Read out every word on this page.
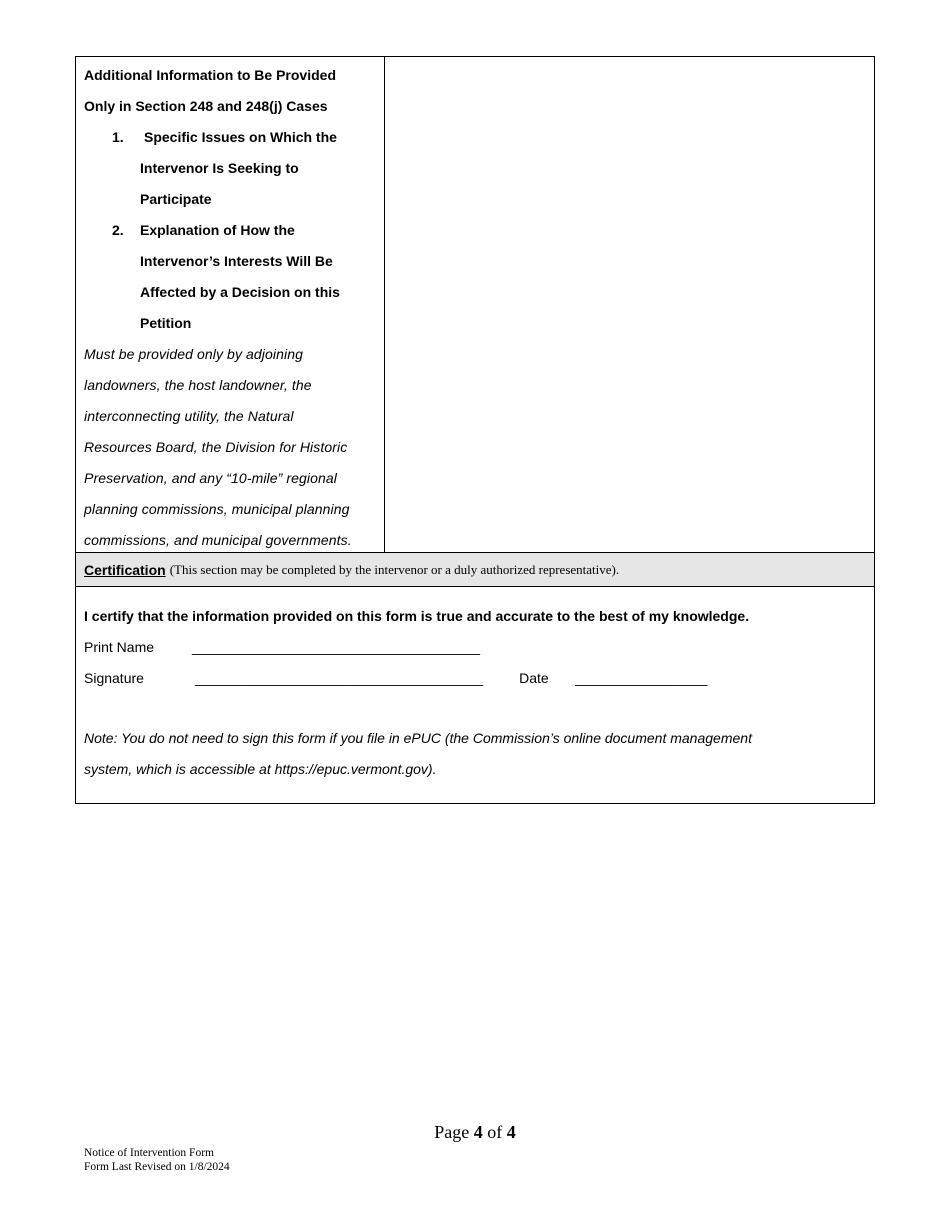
Additional Information to Be Provided
Only in Section 248 and 248(j) Cases
1.	Specific Issues on Which the
Intervenor Is Seeking to
Participate
2.	Explanation of How the
Intervenor’s Interests Will Be
Affected by a Decision on this
Petition
Must be provided only by adjoining
landowners, the host landowner, the
interconnecting utility, the Natural
Resources Board, the Division for Historic
Preservation, and any “10-mile” regional
planning commissions, municipal planning
commissions, and municipal governments.
Certification (This section may be completed by the intervenor or a duly authorized representative).
I certify that the information provided on this form is true and accurate to the best of my knowledge.
Print Name	_____________________________________
Signature	_____________________________________	Date	_________________
Note: You do not need to sign this form if you file in ePUC (the Commission’s online document management
system, which is accessible at https://epuc.vermont.gov).
Page 4 of 4
Notice of Intervention Form
Form Last Revised on 1/8/2024
